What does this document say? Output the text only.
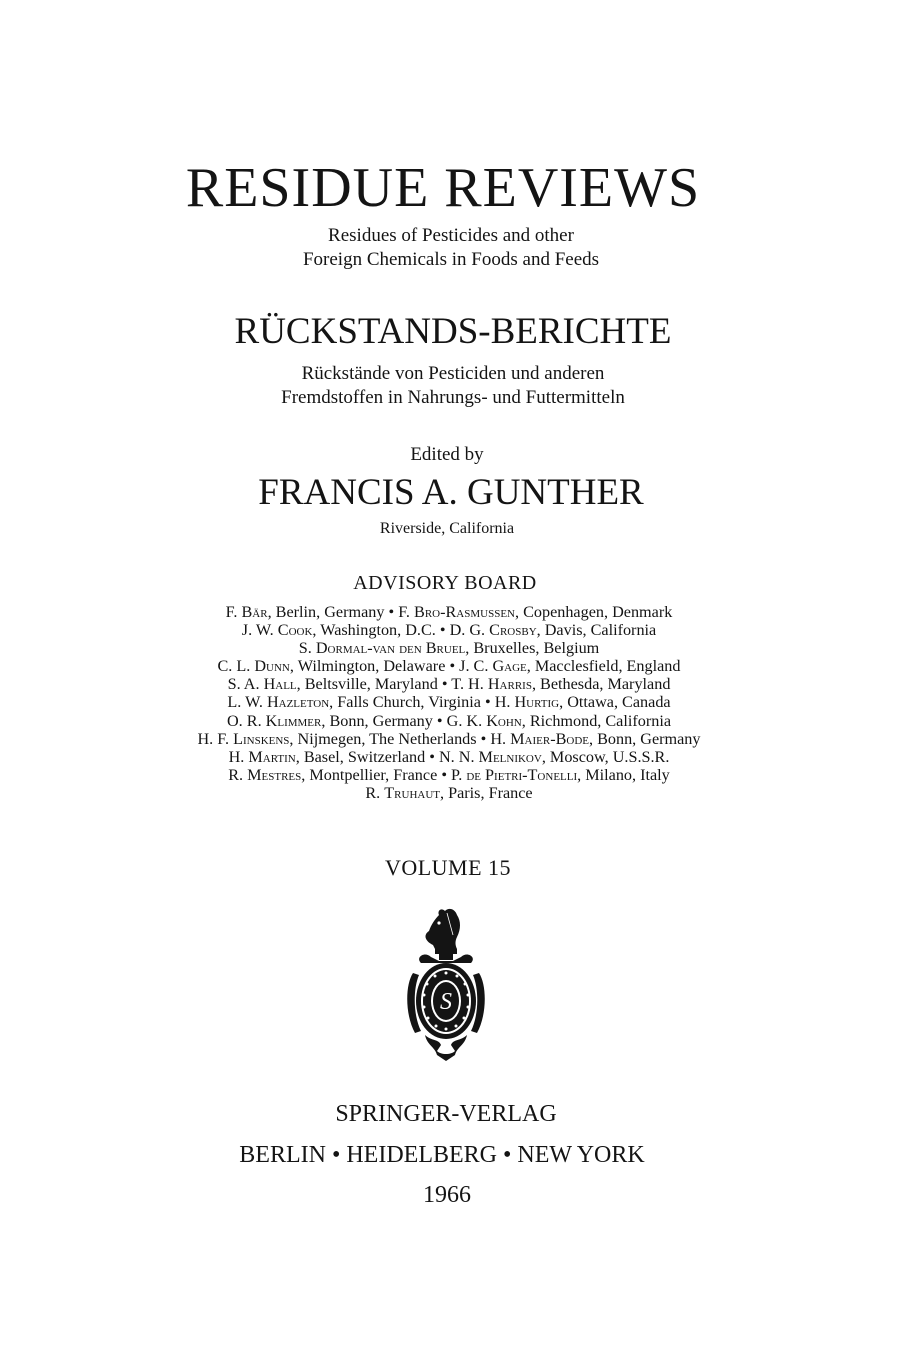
RESIDUE REVIEWS
Residues of Pesticides and other
Foreign Chemicals in Foods and Feeds
RÜCKSTANDS-BERICHTE
Rückstände von Pesticiden und anderen
Fremdstoffen in Nahrungs- und Futtermitteln
Edited by
FRANCIS A. GUNTHER
Riverside, California
ADVISORY BOARD
F. Bär, Berlin, Germany • F. Bro-Rasmussen, Copenhagen, Denmark
J. W. Cook, Washington, D.C. • D. G. Crosby, Davis, California
S. Dormal-van den Bruel, Bruxelles, Belgium
C. L. Dunn, Wilmington, Delaware • J. C. Gage, Macclesfield, England
S. A. Hall, Beltsville, Maryland • T. H. Harris, Bethesda, Maryland
L. W. Hazleton, Falls Church, Virginia • H. Hurtig, Ottawa, Canada
O. R. Klimmer, Bonn, Germany • G. K. Kohn, Richmond, California
H. F. Linskens, Nijmegen, The Netherlands • H. Maier-Bode, Bonn, Germany
H. Martin, Basel, Switzerland • N. N. Melnikov, Moscow, U.S.S.R.
R. Mestres, Montpellier, France • P. de Pietri-Tonelli, Milano, Italy
R. Truhaut, Paris, France
VOLUME 15
S
SPRINGER-VERLAG
BERLIN • HEIDELBERG • NEW YORK
1966
